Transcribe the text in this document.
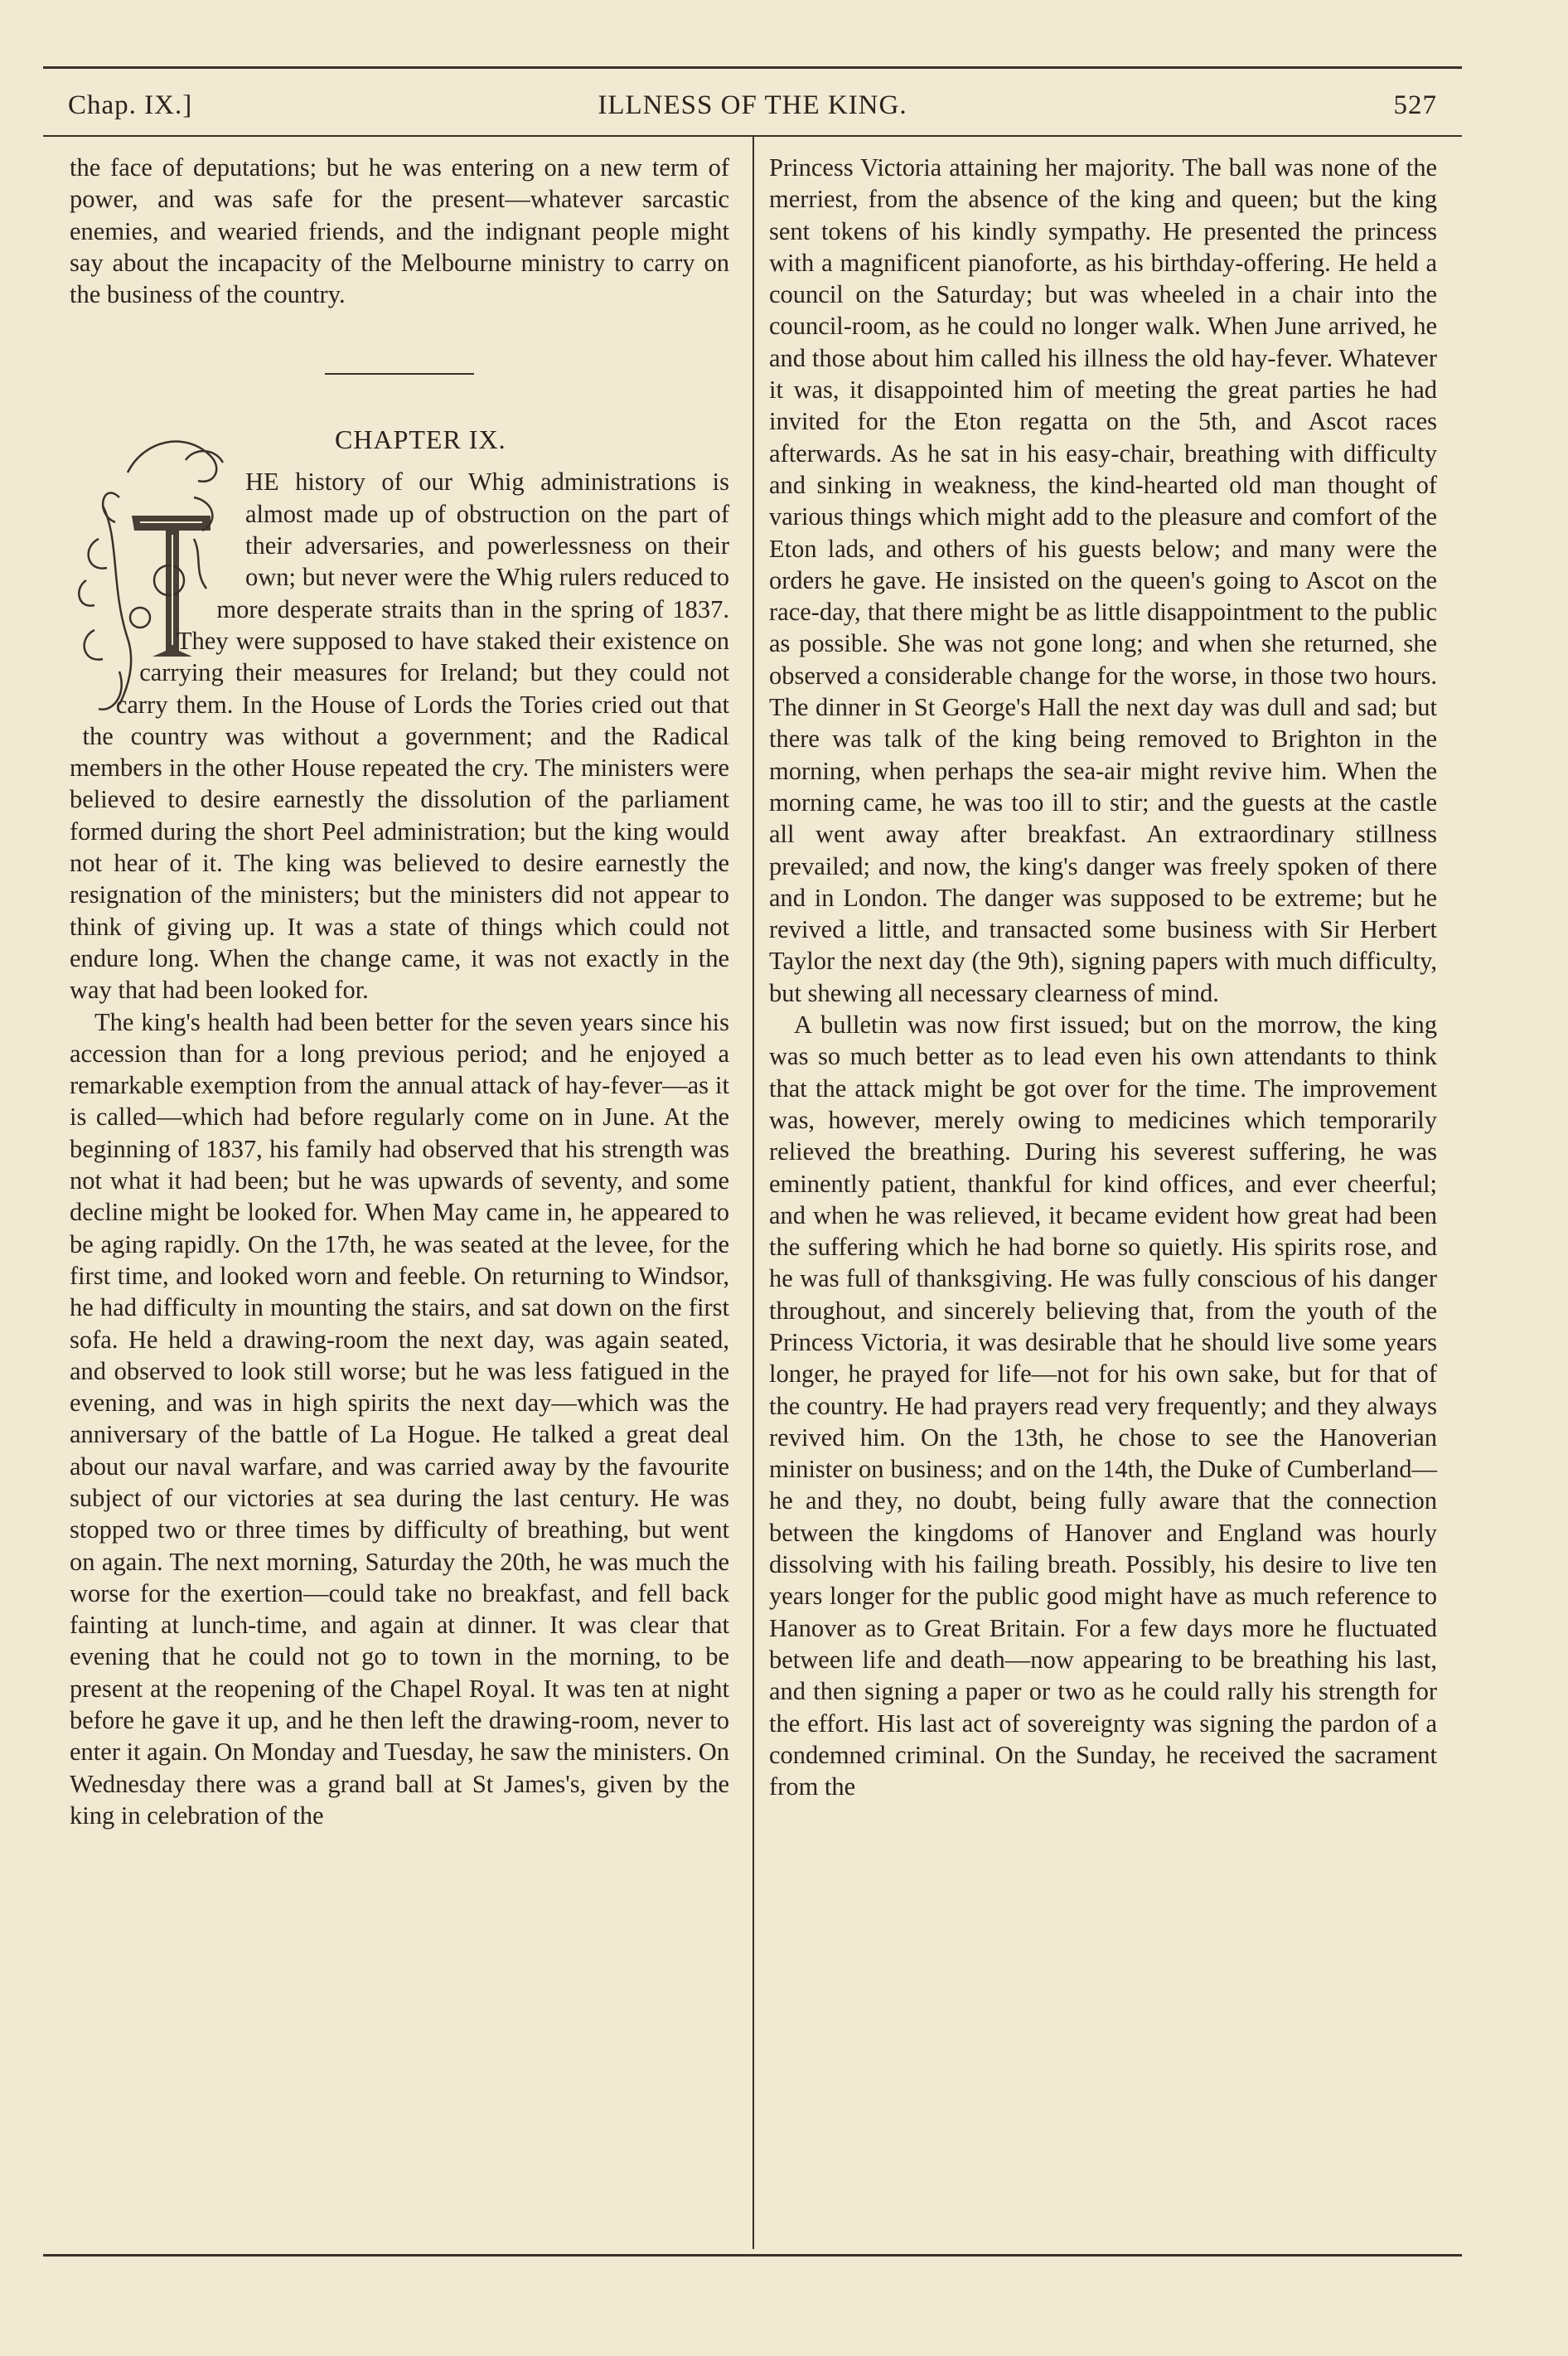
Chap. IX.]	ILLNESS OF THE KING.	527

the face of deputations; but he was entering on a new term of power, and was safe for the present—whatever sarcastic enemies, and wearied friends, and the indignant people might say about the incapacity of the Melbourne ministry to carry on the business of the country.

CHAPTER IX.

HE history of our Whig administrations is almost made up of obstruction on the part of their adversaries, and powerlessness on their own; but never were the Whig rulers reduced to more desperate straits than in the spring of 1837. They were supposed to have staked their existence on carrying their measures for Ireland; but they could not carry them. In the House of Lords the Tories cried out that the country was without a government; and the Radical members in the other House repeated the cry. The ministers were believed to desire earnestly the dissolution of the parliament formed during the short Peel administration; but the king would not hear of it. The king was believed to desire earnestly the resignation of the ministers; but the ministers did not appear to think of giving up. It was a state of things which could not endure long. When the change came, it was not exactly in the way that had been looked for.

The king's health had been better for the seven years since his accession than for a long previous period; and he enjoyed a remarkable exemption from the annual attack of hay-fever—as it is called—which had before regularly come on in June. At the beginning of 1837, his family had observed that his strength was not what it had been; but he was upwards of seventy, and some decline might be looked for. When May came in, he appeared to be aging rapidly. On the 17th, he was seated at the levee, for the first time, and looked worn and feeble. On returning to Windsor, he had difficulty in mounting the stairs, and sat down on the first sofa. He held a drawing-room the next day, was again seated, and observed to look still worse; but he was less fatigued in the evening, and was in high spirits the next day—which was the anniversary of the battle of La Hogue. He talked a great deal about our naval warfare, and was carried away by the favourite subject of our victories at sea during the last century. He was stopped two or three times by difficulty of breathing, but went on again. The next morning, Saturday the 20th, he was much the worse for the exertion—could take no breakfast, and fell back fainting at lunch-time, and again at dinner. It was clear that evening that he could not go to town in the morning, to be present at the reopening of the Chapel Royal. It was ten at night before he gave it up, and he then left the drawing-room, never to enter it again. On Monday and Tuesday, he saw the ministers. On Wednesday there was a grand ball at St James's, given by the king in celebration of the

Princess Victoria attaining her majority. The ball was none of the merriest, from the absence of the king and queen; but the king sent tokens of his kindly sympathy. He presented the princess with a magnificent pianoforte, as his birthday-offering. He held a council on the Saturday; but was wheeled in a chair into the council-room, as he could no longer walk. When June arrived, he and those about him called his illness the old hay-fever. Whatever it was, it disappointed him of meeting the great parties he had invited for the Eton regatta on the 5th, and Ascot races afterwards. As he sat in his easy-chair, breathing with difficulty and sinking in weakness, the kind-hearted old man thought of various things which might add to the pleasure and comfort of the Eton lads, and others of his guests below; and many were the orders he gave. He insisted on the queen's going to Ascot on the race-day, that there might be as little disappointment to the public as possible. She was not gone long; and when she returned, she observed a considerable change for the worse, in those two hours. The dinner in St George's Hall the next day was dull and sad; but there was talk of the king being removed to Brighton in the morning, when perhaps the sea-air might revive him. When the morning came, he was too ill to stir; and the guests at the castle all went away after breakfast. An extraordinary stillness prevailed; and now, the king's danger was freely spoken of there and in London. The danger was supposed to be extreme; but he revived a little, and transacted some business with Sir Herbert Taylor the next day (the 9th), signing papers with much difficulty, but shewing all necessary clearness of mind.

A bulletin was now first issued; but on the morrow, the king was so much better as to lead even his own attendants to think that the attack might be got over for the time. The improvement was, however, merely owing to medicines which temporarily relieved the breathing. During his severest suffering, he was eminently patient, thankful for kind offices, and ever cheerful; and when he was relieved, it became evident how great had been the suffering which he had borne so quietly. His spirits rose, and he was full of thanksgiving. He was fully conscious of his danger throughout, and sincerely believing that, from the youth of the Princess Victoria, it was desirable that he should live some years longer, he prayed for life—not for his own sake, but for that of the country. He had prayers read very frequently; and they always revived him. On the 13th, he chose to see the Hanoverian minister on business; and on the 14th, the Duke of Cumberland—he and they, no doubt, being fully aware that the connection between the kingdoms of Hanover and England was hourly dissolving with his failing breath. Possibly, his desire to live ten years longer for the public good might have as much reference to Hanover as to Great Britain. For a few days more he fluctuated between life and death—now appearing to be breathing his last, and then signing a paper or two as he could rally his strength for the effort. His last act of sovereignty was signing the pardon of a condemned criminal. On the Sunday, he received the sacrament from the
